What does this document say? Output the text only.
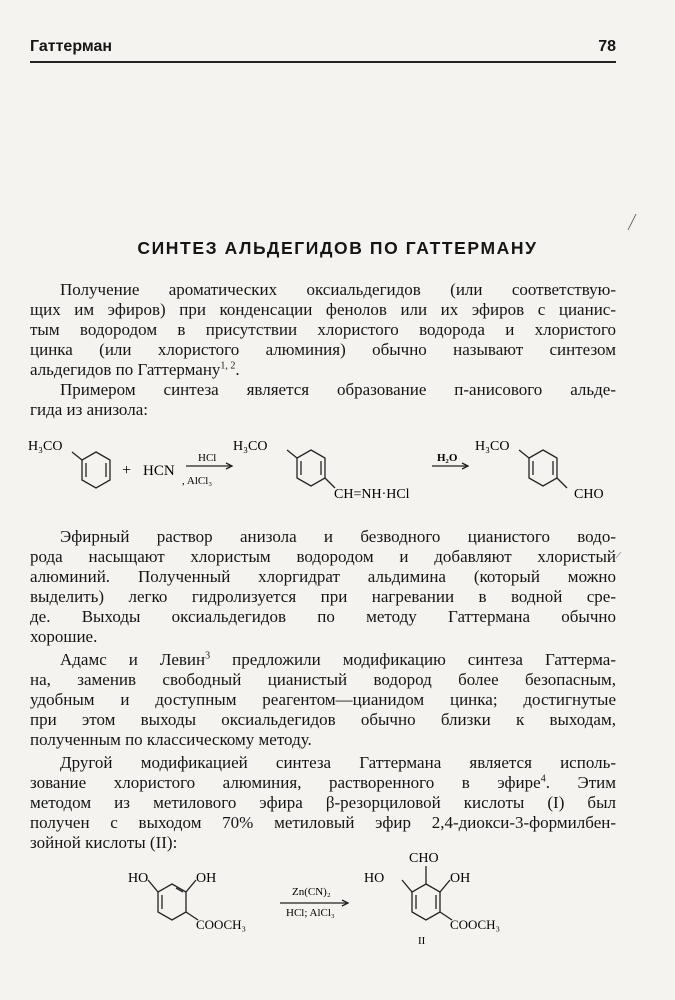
Гаттерман	78
СИНТЕЗ АЛЬДЕГИДОВ ПО ГАТТЕРМАНУ

Получение ароматических оксиальдегидов (или соответствую-
щих им эфиров) при конденсации фенолов или их эфиров с цианис-
тым водородом в присутствии хлористого водорода и хлористого
цинка (или хлористого алюминия) обычно называют синтезом
альдегидов по Гаттерману$^{1, 2}$.

Примером синтеза является образование п-анисового альде-
гида из анизола:

H₃CO
+ HCN
HCl
, AlCl₃
H₃CO
CH=NH·HCl
H₂O
H₃CO
CHO

Эфирный раствор анизола и безводного цианистого водо-
рода насыщают хлористым водородом и добавляют хлористый
алюминий. Полученный хлоргидрат альдимина (который можно
выделить) легко гидролизуется при нагревании в водной сре-
де. Выходы оксиальдегидов по методу Гаттермана обычно
хорошие.

Адамс и Левин$^3$ предложили модификацию синтеза Гаттерма-
на, заменив свободный цианистый водород более безопасным,
удобным и доступным реагентом—цианидом цинка; достигнутые
при этом выходы оксиальдегидов обычно близки к выходам,
полученным по классическому методу.

Другой модификацией синтеза Гаттермана является исполь-
зование хлористого алюминия, растворенного в эфире$^4$. Этим
методом из метилового эфира β-резорциловой кислоты (I) был
получен с выходом 70% метиловый эфир 2,4-диокси-3-формилбен-
зойной кислоты (II):

HO	OH
COOCH₃
I
Zn(CN)₂
HCl; AlCl₃
CHO
HO	OH
COOCH₃
II
